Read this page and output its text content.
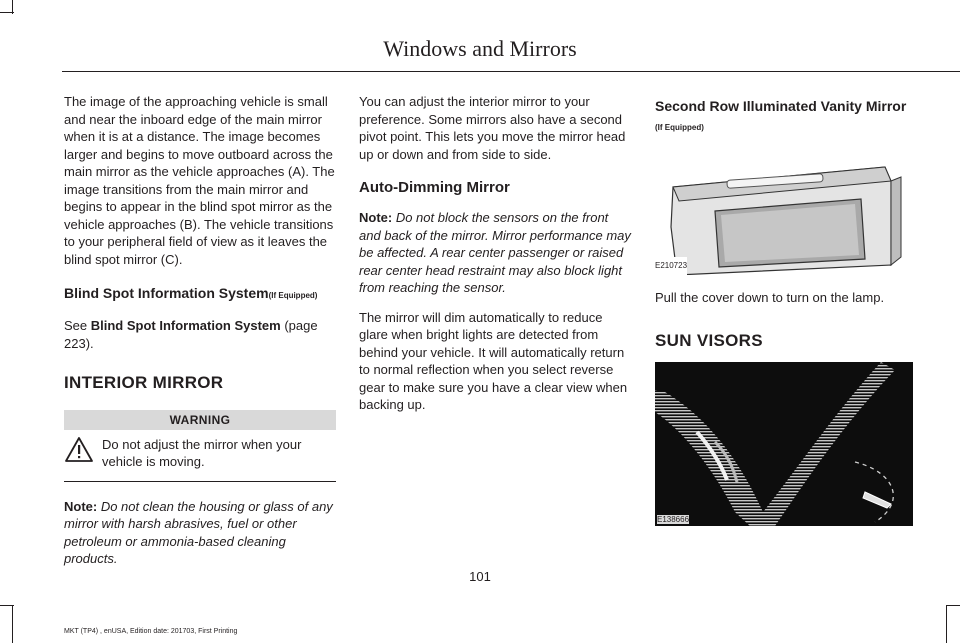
Windows and Mirrors

The image of the approaching vehicle is small and near the inboard edge of the main mirror when it is at a distance. The image becomes larger and begins to move outboard across the main mirror as the vehicle approaches (A). The image transitions from the main mirror and begins to appear in the blind spot mirror as the vehicle approaches (B). The vehicle transitions to your peripheral field of view as it leaves the blind spot mirror (C).

Blind Spot Information System(If Equipped)

See Blind Spot Information System (page 223).

INTERIOR MIRROR
WARNING
Do not adjust the mirror when your vehicle is moving.

Note: Do not clean the housing or glass of any mirror with harsh abrasives, fuel or other petroleum or ammonia-based cleaning products.

You can adjust the interior mirror to your preference. Some mirrors also have a second pivot point. This lets you move the mirror head up or down and from side to side.

Auto-Dimming Mirror

Note: Do not block the sensors on the front and back of the mirror. Mirror performance may be affected. A rear center passenger or raised rear center head restraint may also block light from reaching the sensor.

The mirror will dim automatically to reduce glare when bright lights are detected from behind your vehicle. It will automatically return to normal reflection when you select reverse gear to make sure you have a clear view when backing up.

Second Row Illuminated Vanity Mirror
(If Equipped)
E210723

Pull the cover down to turn on the lamp.

SUN VISORS
E138666
101
MKT (TP4) , enUSA, Edition date: 201703, First Printing
